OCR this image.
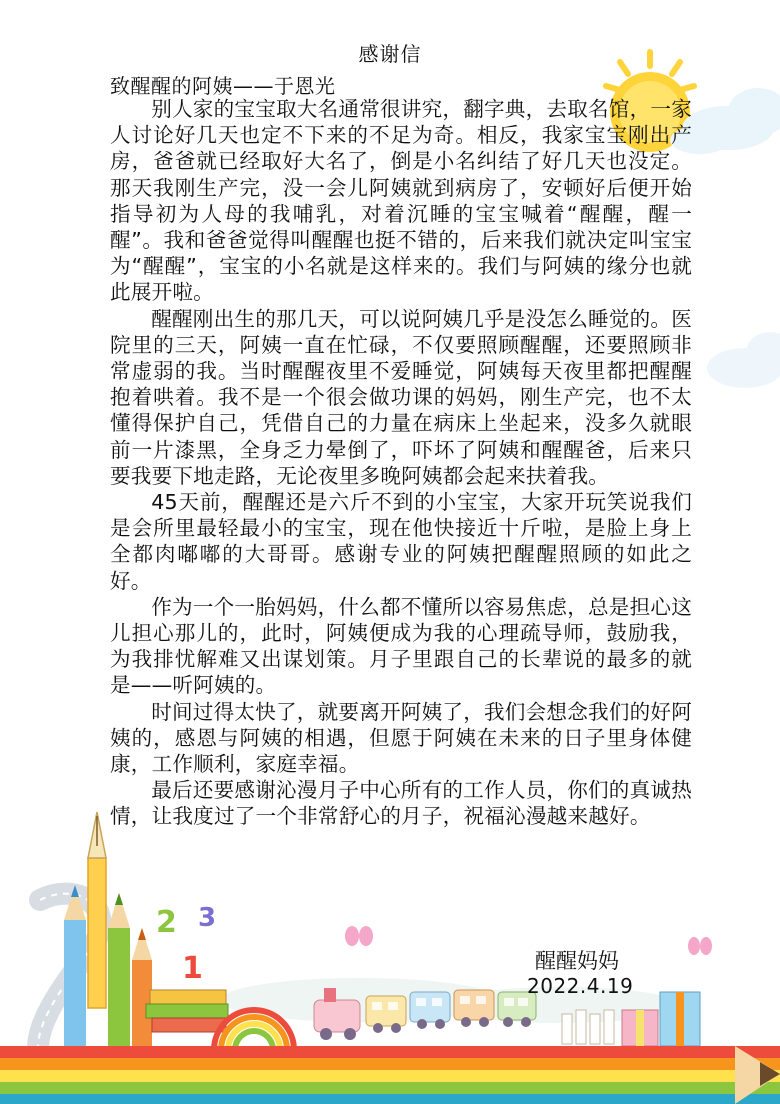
2 3
1
感谢信
致醒醒的阿姨——于恩光

别人家的宝宝取大名通常很讲究，翻字典，去取名馆，一家人讨论好几天也定不下来的不足为奇。相反，我家宝宝刚出产房，爸爸就已经取好大名了，倒是小名纠结了好几天也没定。那天我刚生产完，没一会儿阿姨就到病房了，安顿好后便开始指导初为人母的我哺乳，对着沉睡的宝宝喊着“醒醒，醒一醒”。我和爸爸觉得叫醒醒也挺不错的，后来我们就决定叫宝宝为“醒醒”，宝宝的小名就是这样来的。我们与阿姨的缘分也就此展开啦。

醒醒刚出生的那几天，可以说阿姨几乎是没怎么睡觉的。医院里的三天，阿姨一直在忙碌，不仅要照顾醒醒，还要照顾非常虚弱的我。当时醒醒夜里不爱睡觉，阿姨每天夜里都把醒醒抱着哄着。我不是一个很会做功课的妈妈，刚生产完，也不太懂得保护自己，凭借自己的力量在病床上坐起来，没多久就眼前一片漆黑，全身乏力晕倒了，吓坏了阿姨和醒醒爸，后来只要我要下地走路，无论夜里多晚阿姨都会起来扶着我。

45天前，醒醒还是六斤不到的小宝宝，大家开玩笑说我们是会所里最轻最小的宝宝，现在他快接近十斤啦，是脸上身上全都肉嘟嘟的大哥哥。感谢专业的阿姨把醒醒照顾的如此之好。

作为一个一胎妈妈，什么都不懂所以容易焦虑，总是担心这儿担心那儿的，此时，阿姨便成为我的心理疏导师，鼓励我，为我排忧解难又出谋划策。月子里跟自己的长辈说的最多的就是——听阿姨的。

时间过得太快了，就要离开阿姨了，我们会想念我们的好阿姨的，感恩与阿姨的相遇，但愿于阿姨在未来的日子里身体健康，工作顺利，家庭幸福。

最后还要感谢沁漫月子中心所有的工作人员，你们的真诚热情，让我度过了一个非常舒心的月子，祝福沁漫越来越好。

醒醒妈妈
2022.4.19
